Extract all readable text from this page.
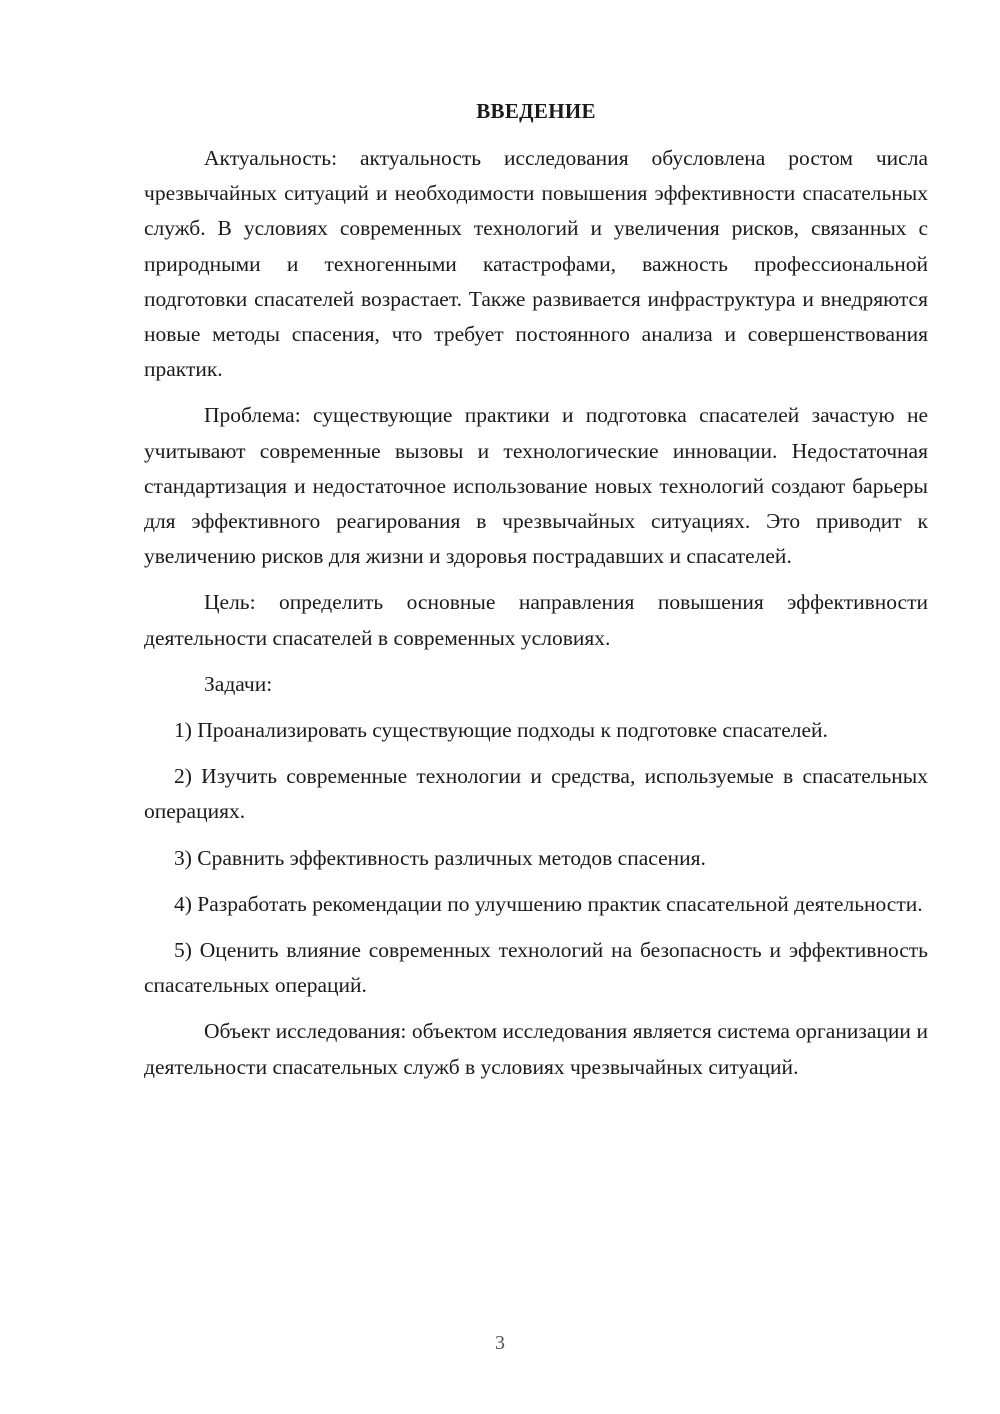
ВВЕДЕНИЕ

Актуальность: актуальность исследования обусловлена ростом числа чрезвычайных ситуаций и необходимости повышения эффективности спасательных служб. В условиях современных технологий и увеличения рисков, связанных с природными и техногенными катастрофами, важность профессиональной подготовки спасателей возрастает. Также развивается инфраструктура и внедряются новые методы спасения, что требует постоянного анализа и совершенствования практик.

Проблема: существующие практики и подготовка спасателей зачастую не учитывают современные вызовы и технологические инновации. Недостаточная стандартизация и недостаточное использование новых технологий создают барьеры для эффективного реагирования в чрезвычайных ситуациях. Это приводит к увеличению рисков для жизни и здоровья пострадавших и спасателей.

Цель: определить основные направления повышения эффективности деятельности спасателей в современных условиях.

Задачи:

1) Проанализировать существующие подходы к подготовке спасателей.

2) Изучить современные технологии и средства, используемые в спасательных операциях.

3) Сравнить эффективность различных методов спасения.

4) Разработать рекомендации по улучшению практик спасательной деятельности.

5) Оценить влияние современных технологий на безопасность и эффективность спасательных операций.

Объект исследования: объектом исследования является система организации и деятельности спасательных служб в условиях чрезвычайных ситуаций.

3
